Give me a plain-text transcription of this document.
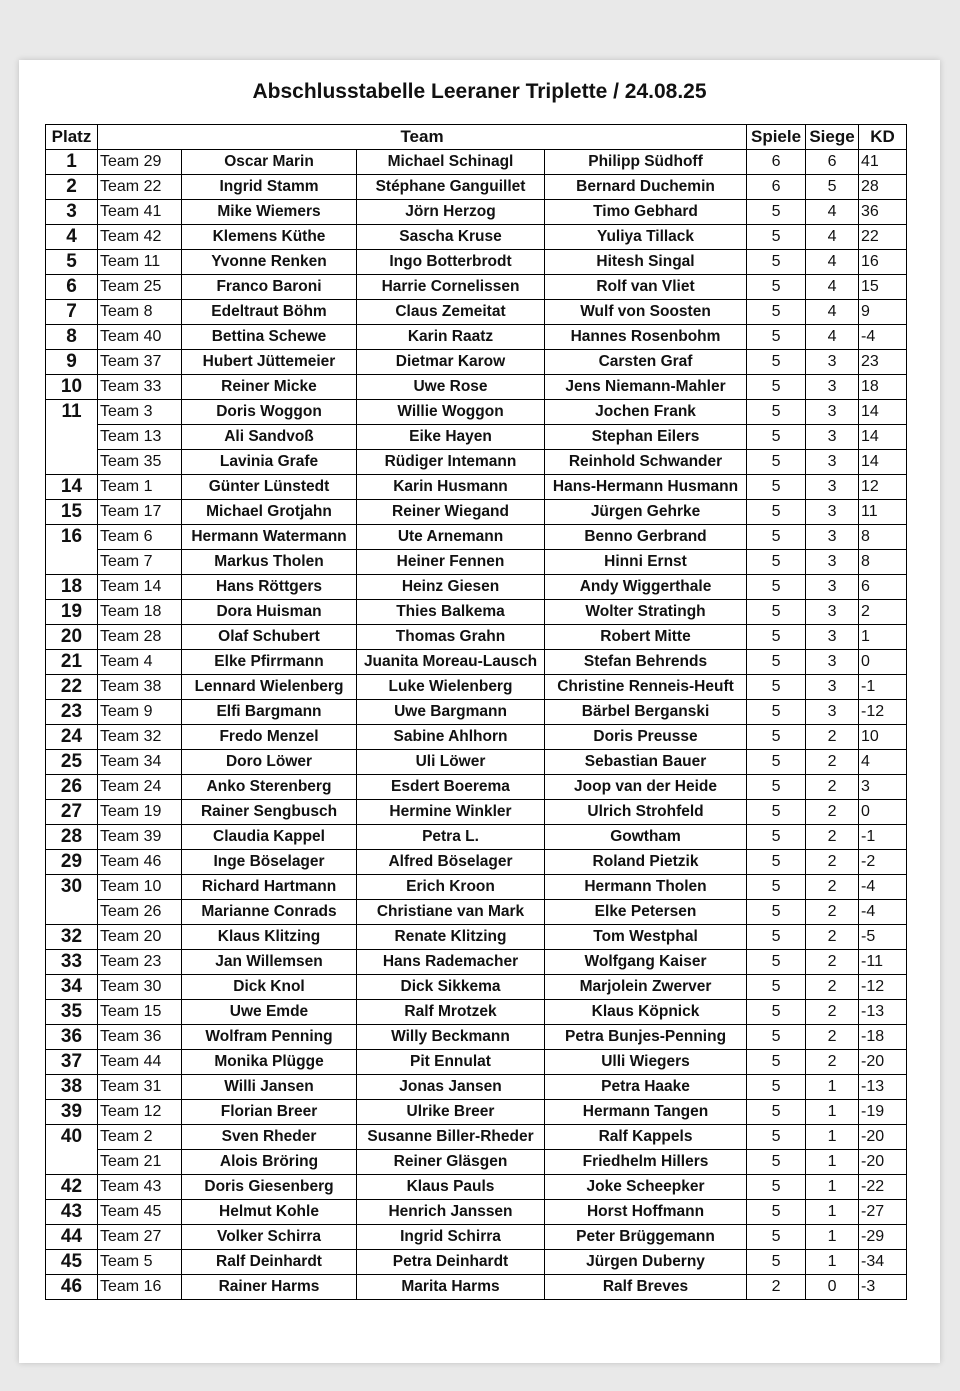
Abschlusstabelle Leeraner Triplette / 24.08.25
Platz	Team				Spiele	Siege	KD
1	Team 29	Oscar Marin	Michael Schinagl	Philipp Südhoff	6	6	41
2	Team 22	Ingrid Stamm	Stéphane Ganguillet	Bernard Duchemin	6	5	28
3	Team 41	Mike Wiemers	Jörn Herzog	Timo Gebhard	5	4	36
4	Team 42	Klemens Küthe	Sascha Kruse	Yuliya Tillack	5	4	22
5	Team 11	Yvonne Renken	Ingo Botterbrodt	Hitesh Singal	5	4	16
6	Team 25	Franco Baroni	Harrie Cornelissen	Rolf van Vliet	5	4	15
7	Team 8	Edeltraut Böhm	Claus Zemeitat	Wulf von Soosten	5	4	9
8	Team 40	Bettina Schewe	Karin Raatz	Hannes Rosenbohm	5	4	-4
9	Team 37	Hubert Jüttemeier	Dietmar Karow	Carsten Graf	5	3	23
10	Team 33	Reiner Micke	Uwe Rose	Jens Niemann-Mahler	5	3	18
11	Team 3	Doris Woggon	Willie Woggon	Jochen Frank	5	3	14
	Team 13	Ali Sandvoß	Eike Hayen	Stephan Eilers	5	3	14
	Team 35	Lavinia Grafe	Rüdiger Intemann	Reinhold Schwander	5	3	14
14	Team 1	Günter Lünstedt	Karin Husmann	Hans-Hermann Husmann	5	3	12
15	Team 17	Michael Grotjahn	Reiner Wiegand	Jürgen Gehrke	5	3	11
16	Team 6	Hermann Watermann	Ute Arnemann	Benno Gerbrand	5	3	8
	Team 7	Markus Tholen	Heiner Fennen	Hinni Ernst	5	3	8
18	Team 14	Hans Röttgers	Heinz Giesen	Andy Wiggerthale	5	3	6
19	Team 18	Dora Huisman	Thies Balkema	Wolter Stratingh	5	3	2
20	Team 28	Olaf Schubert	Thomas Grahn	Robert Mitte	5	3	1
21	Team 4	Elke Pfirrmann	Juanita Moreau-Lausch	Stefan Behrends	5	3	0
22	Team 38	Lennard Wielenberg	Luke Wielenberg	Christine Renneis-Heuft	5	3	-1
23	Team 9	Elfi Bargmann	Uwe Bargmann	Bärbel Berganski	5	3	-12
24	Team 32	Fredo Menzel	Sabine Ahlhorn	Doris Preusse	5	2	10
25	Team 34	Doro Löwer	Uli Löwer	Sebastian Bauer	5	2	4
26	Team 24	Anko Sterenberg	Esdert Boerema	Joop van der Heide	5	2	3
27	Team 19	Rainer Sengbusch	Hermine Winkler	Ulrich Strohfeld	5	2	0
28	Team 39	Claudia Kappel	Petra L.	Gowtham	5	2	-1
29	Team 46	Inge Böselager	Alfred Böselager	Roland Pietzik	5	2	-2
30	Team 10	Richard Hartmann	Erich Kroon	Hermann Tholen	5	2	-4
	Team 26	Marianne Conrads	Christiane van Mark	Elke Petersen	5	2	-4
32	Team 20	Klaus Klitzing	Renate Klitzing	Tom Westphal	5	2	-5
33	Team 23	Jan Willemsen	Hans Rademacher	Wolfgang Kaiser	5	2	-11
34	Team 30	Dick Knol	Dick Sikkema	Marjolein Zwerver	5	2	-12
35	Team 15	Uwe Emde	Ralf Mrotzek	Klaus Köpnick	5	2	-13
36	Team 36	Wolfram Penning	Willy Beckmann	Petra Bunjes-Penning	5	2	-18
37	Team 44	Monika Plügge	Pit Ennulat	Ulli Wiegers	5	2	-20
38	Team 31	Willi Jansen	Jonas Jansen	Petra Haake	5	1	-13
39	Team 12	Florian Breer	Ulrike Breer	Hermann Tangen	5	1	-19
40	Team 2	Sven Rheder	Susanne Biller-Rheder	Ralf Kappels	5	1	-20
	Team 21	Alois Bröring	Reiner Gläsgen	Friedhelm Hillers	5	1	-20
42	Team 43	Doris Giesenberg	Klaus Pauls	Joke Scheepker	5	1	-22
43	Team 45	Helmut Kohle	Henrich Janssen	Horst Hoffmann	5	1	-27
44	Team 27	Volker Schirra	Ingrid Schirra	Peter Brüggemann	5	1	-29
45	Team 5	Ralf Deinhardt	Petra Deinhardt	Jürgen Duberny	5	1	-34
46	Team 16	Rainer Harms	Marita Harms	Ralf Breves	2	0	-3
